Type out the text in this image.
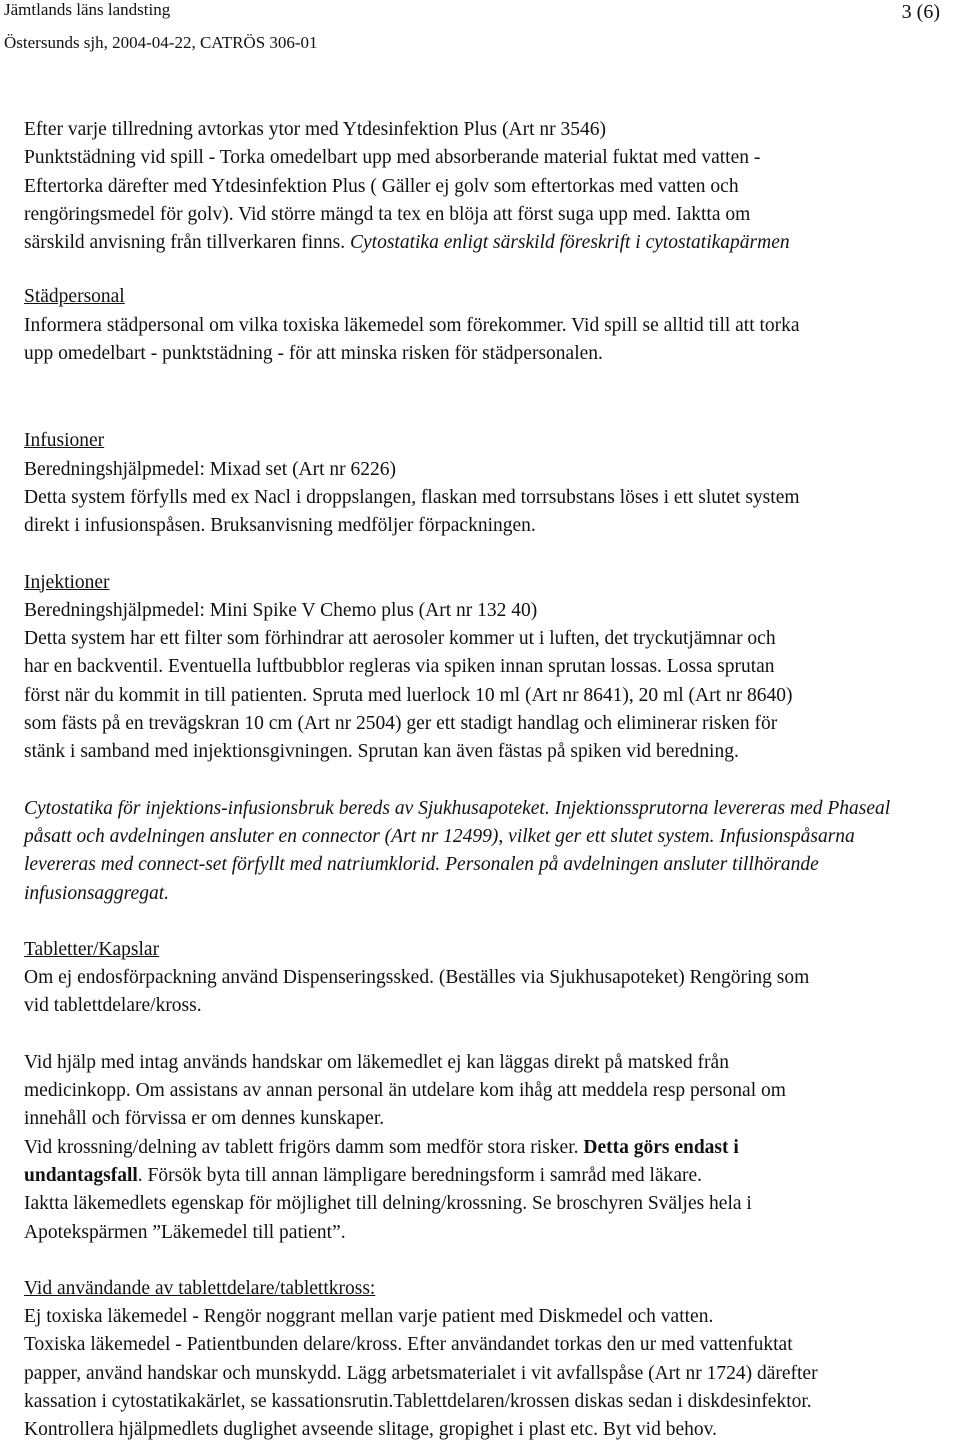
Jämtlands läns landsting
Östersunds sjh, 2004-04-22, CATRÖS 306-01
3 (6)

Efter varje tillredning avtorkas ytor med Ytdesinfektion Plus (Art nr 3546)

Punktstädning vid spill - Torka omedelbart upp med absorberande material fuktat med vatten -

Eftertorka därefter med Ytdesinfektion Plus ( Gäller ej golv som eftertorkas med vatten och

rengöringsmedel för golv). Vid större mängd ta tex en blöja att först suga upp med. Iaktta om

särskild anvisning från tillverkaren finns. Cytostatika enligt särskild föreskrift i cytostatikapärmen

Städpersonal

Informera städpersonal om vilka toxiska läkemedel som förekommer. Vid spill se alltid till att torka

upp omedelbart - punktstädning - för att minska risken för städpersonalen.

Infusioner

Beredningshjälpmedel: Mixad set (Art nr 6226)

Detta system förfylls med ex Nacl i droppslangen, flaskan med torrsubstans löses i ett slutet system

direkt i infusionspåsen. Bruksanvisning medföljer förpackningen.

Injektioner

Beredningshjälpmedel: Mini Spike V Chemo plus (Art nr 132 40)

Detta system har ett filter som förhindrar att aerosoler kommer ut i luften, det tryckutjämnar och

har en backventil. Eventuella luftbubblor regleras via spiken innan sprutan lossas. Lossa sprutan

först när du kommit in till patienten. Spruta med luerlock 10 ml (Art nr 8641), 20 ml (Art nr 8640)

som fästs på en trevägskran 10 cm (Art nr 2504) ger ett stadigt handlag och eliminerar risken för

stänk i samband med injektionsgivningen. Sprutan kan även fästas på spiken vid beredning.

Cytostatika för injektions-infusionsbruk bereds av Sjukhusapoteket. Injektionssprutorna levereras med Phaseal

påsatt och avdelningen ansluter en connector (Art nr 12499), vilket ger ett slutet system. Infusionspåsarna

levereras med connect-set förfyllt med natriumklorid. Personalen på avdelningen ansluter tillhörande

infusionsaggregat.

Tabletter/Kapslar

Om ej endosförpackning använd Dispenseringssked. (Beställes via Sjukhusapoteket) Rengöring som

vid tablettdelare/kross.

Vid hjälp med intag används handskar om läkemedlet ej kan läggas direkt på matsked från

medicinkopp. Om assistans av annan personal än utdelare kom ihåg att meddela resp personal om

innehåll och förvissa er om dennes kunskaper.

Vid krossning/delning av tablett frigörs damm som medför stora risker. Detta görs endast i

undantagsfall. Försök byta till annan lämpligare beredningsform i samråd med läkare.

Iaktta läkemedlets egenskap för möjlighet till delning/krossning. Se broschyren Sväljes hela i

Apotekspärmen ”Läkemedel till patient”.

Vid användande av tablettdelare/tablettkross:

Ej toxiska läkemedel - Rengör noggrant mellan varje patient med Diskmedel och vatten.

Toxiska läkemedel - Patientbunden delare/kross. Efter användandet torkas den ur med vattenfuktat

papper, använd handskar och munskydd. Lägg arbetsmaterialet i vit avfallspåse (Art nr 1724) därefter

kassation i cytostatikakärlet, se kassationsrutin.Tablettdelaren/krossen diskas sedan i diskdesinfektor.

Kontrollera hjälpmedlets duglighet avseende slitage, gropighet i plast etc. Byt vid behov.
